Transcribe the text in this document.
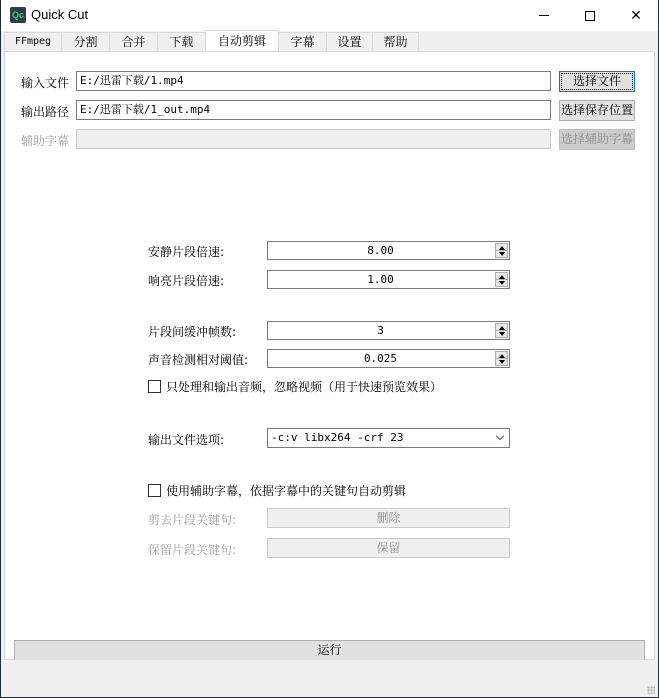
Qc Quick Cut	✕
FFmpeg	分割	合并	下载	自动剪辑	字幕	设置	帮助
输入文件 E:/迅雷下载/1.mp4	选择文件
输出路径 E:/迅雷下载/1_out.mp4	选择保存位置
辅助字幕	选择辅助字幕
安静片段倍速:	8.00
响亮片段倍速:	1.00
片段间缓冲帧数:	3
声音检测相对阈值:	0.025
只处理和输出音频，忽略视频（用于快速预览效果）
输出文件选项:	-c:v libx264 -crf 23
使用辅助字幕，依据字幕中的关键句自动剪辑
剪去片段关键句:	删除
保留片段关键句:	保留
运行
